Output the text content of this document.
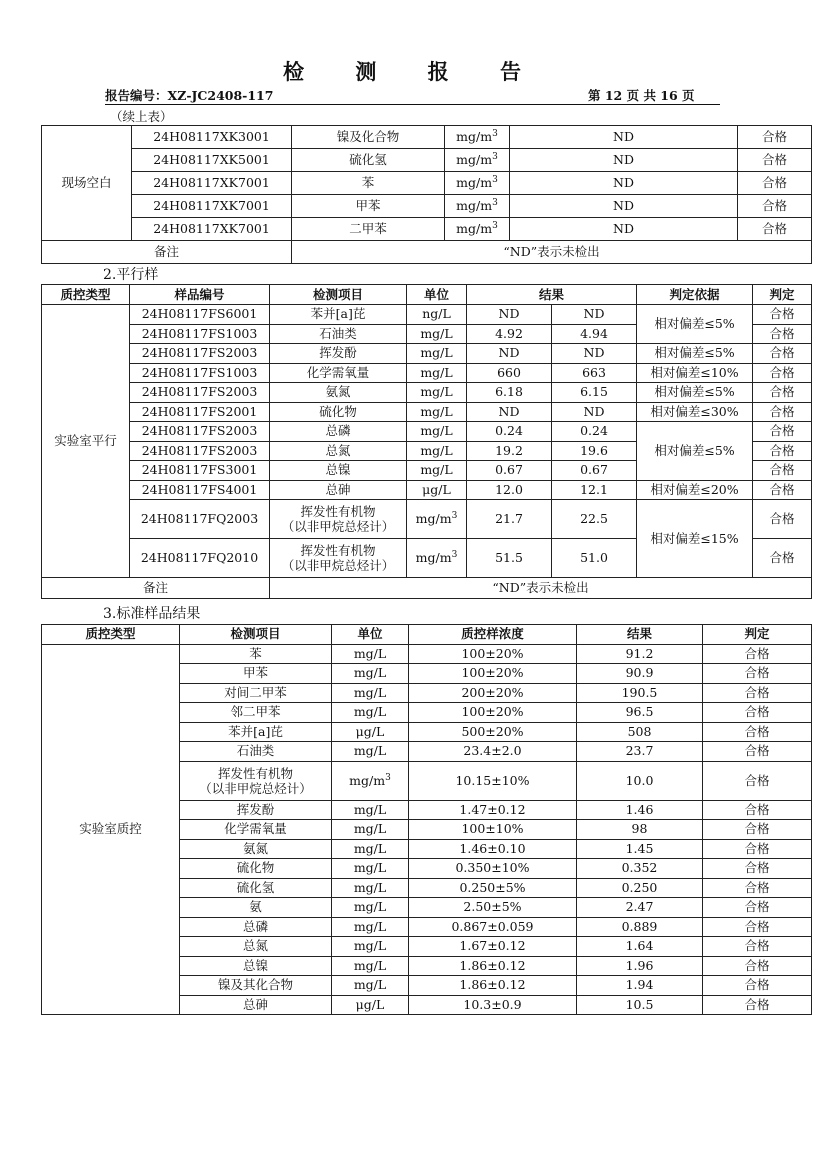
检 测 报 告
报告编号：XZ-JC2408-117	第 12 页 共 16 页
（续上表）
现场空白	24H08117XK3001	镍及化合物	$mg/m^3$	ND	合格
	24H08117XK5001	硫化氢	$mg/m^3$	ND	合格
	24H08117XK7001	苯	$mg/m^3$	ND	合格
	24H08117XK7001	甲苯	$mg/m^3$	ND	合格
	24H08117XK7001	二甲苯	$mg/m^3$	ND	合格
备注		“ND”表示未检出			
2.平行样
质控类型	样品编号	检测项目	单位	结果		判定依据	判定
实验室平行	24H08117FS6001	苯并[a]芘	ng/L	ND	ND	相对偏差≤5%	合格
	24H08117FS1003	石油类	mg/L	4.92	4.94		合格
	24H08117FS2003	挥发酚	mg/L	ND	ND	相对偏差≤5%	合格
	24H08117FS1003	化学需氧量	mg/L	660	663	相对偏差≤10%	合格
	24H08117FS2003	氨氮	mg/L	6.18	6.15	相对偏差≤5%	合格
	24H08117FS2001	硫化物	mg/L	ND	ND	相对偏差≤30%	合格
	24H08117FS2003	总磷	mg/L	0.24	0.24	相对偏差≤5%	合格
	24H08117FS2003	总氮	mg/L	19.2	19.6		合格
	24H08117FS3001	总镍	mg/L	0.67	0.67		合格
	24H08117FS4001	总砷	μg/L	12.0	12.1	相对偏差≤20%	合格
	24H08117FQ2003	挥发性有机物
（以非甲烷总烃计）	$mg/m^3$	21.7	22.5	相对偏差≤15%	合格
	24H08117FQ2010	挥发性有机物
（以非甲烷总烃计）	$mg/m^3$	51.5	51.0		合格
备注		“ND”表示未检出					
3.标准样品结果
质控类型	检测项目	单位	质控样浓度	结果	判定
实验室质控	苯	mg/L	100±20%	91.2	合格
	甲苯	mg/L	100±20%	90.9	合格
	对间二甲苯	mg/L	200±20%	190.5	合格
	邻二甲苯	mg/L	100±20%	96.5	合格
	苯并[a]芘	μg/L	500±20%	508	合格
	石油类	mg/L	23.4±2.0	23.7	合格
	挥发性有机物
（以非甲烷总烃计）	$mg/m^3$	10.15±10%	10.0	合格
	挥发酚	mg/L	1.47±0.12	1.46	合格
	化学需氧量	mg/L	100±10%	98	合格
	氨氮	mg/L	1.46±0.10	1.45	合格
	硫化物	mg/L	0.350±10%	0.352	合格
	硫化氢	mg/L	0.250±5%	0.250	合格
	氨	mg/L	2.50±5%	2.47	合格
	总磷	mg/L	0.867±0.059	0.889	合格
	总氮	mg/L	1.67±0.12	1.64	合格
	总镍	mg/L	1.86±0.12	1.96	合格
	镍及其化合物	mg/L	1.86±0.12	1.94	合格
	总砷	μg/L	10.3±0.9	10.5	合格
